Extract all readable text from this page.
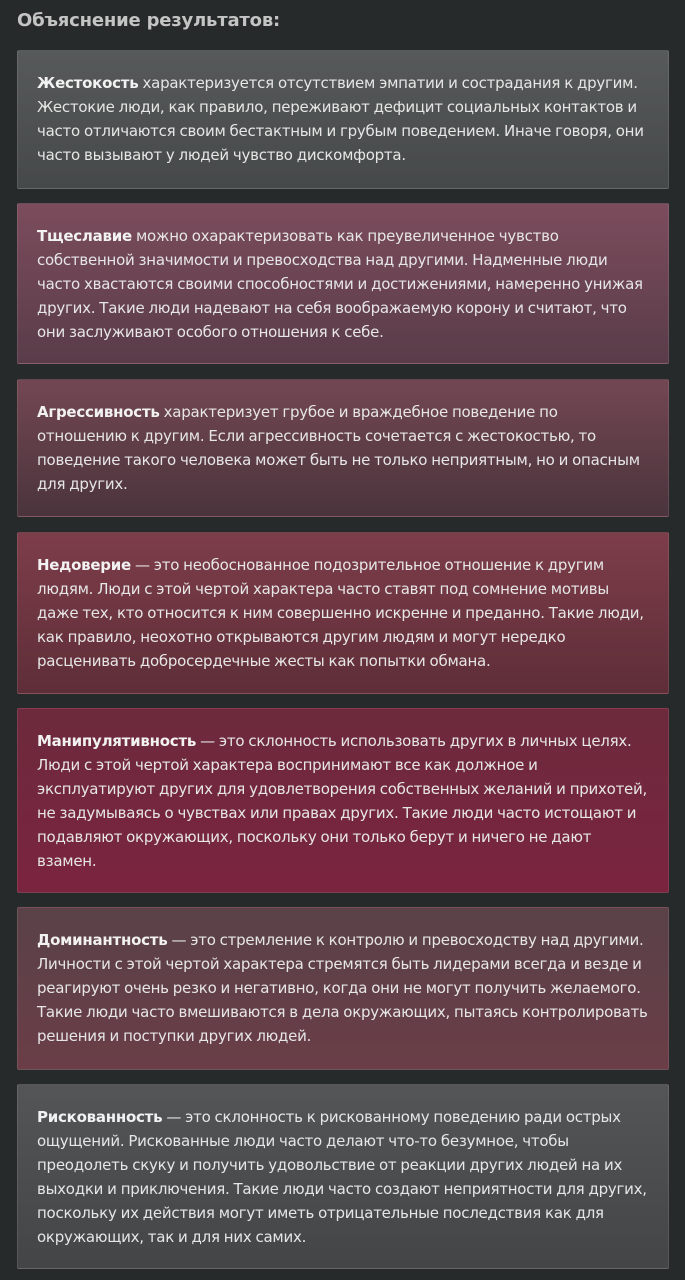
Объяснение результатов:
Жестокость характеризуется отсутствием эмпатии и сострадания к другим. Жестокие люди, как правило, переживают дефицит социальных контактов и часто отличаются своим бестактным и грубым поведением. Иначе говоря, они часто вызывают у людей чувство дискомфорта.
Тщеславие можно охарактеризовать как преувеличенное чувство собственной значимости и превосходства над другими. Надменные люди часто хвастаются своими способностями и достижениями, намеренно унижая других. Такие люди надевают на себя воображаемую корону и считают, что они заслуживают особого отношения к себе.
Агрессивность характеризует грубое и враждебное поведение по отношению к другим. Если агрессивность сочетается с жестокостью, то поведение такого человека может быть не только неприятным, но и опасным для других.
Недоверие — это необоснованное подозрительное отношение к другим людям. Люди с этой чертой характера часто ставят под сомнение мотивы даже тех, кто относится к ним совершенно искренне и преданно. Такие люди, как правило, неохотно открываются другим людям и могут нередко расценивать добросердечные жесты как попытки обмана.
Манипулятивность — это склонность использовать других в личных целях. Люди с этой чертой характера воспринимают все как должное и эксплуатируют других для удовлетворения собственных желаний и прихотей, не задумываясь о чувствах или правах других. Такие люди часто истощают и подавляют окружающих, поскольку они только берут и ничего не дают взамен.
Доминантность — это стремление к контролю и превосходству над другими. Личности с этой чертой характера стремятся быть лидерами всегда и везде и реагируют очень резко и негативно, когда они не могут получить желаемого. Такие люди часто вмешиваются в дела окружающих, пытаясь контролировать решения и поступки других людей.
Рискованность — это склонность к рискованному поведению ради острых ощущений. Рискованные люди часто делают что-то безумное, чтобы преодолеть скуку и получить удовольствие от реакции других людей на их выходки и приключения. Такие люди часто создают неприятности для других, поскольку их действия могут иметь отрицательные последствия как для окружающих, так и для них самих.
